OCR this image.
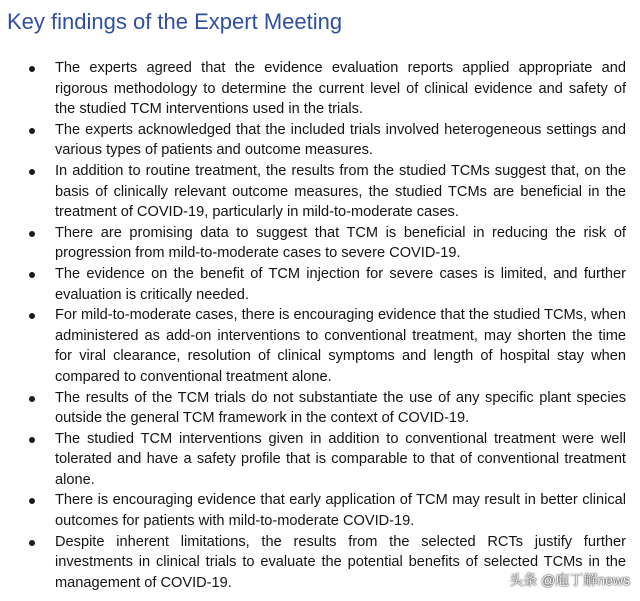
Key findings of the Expert Meeting
The experts agreed that the evidence evaluation reports applied appropriate and rigorous methodology to determine the current level of clinical evidence and safety of the studied TCM interventions used in the trials.
The experts acknowledged that the included trials involved heterogeneous settings and various types of patients and outcome measures.
In addition to routine treatment, the results from the studied TCMs suggest that, on the basis of clinically relevant outcome measures, the studied TCMs are beneficial in the treatment of COVID-19, particularly in mild-to-moderate cases.
There are promising data to suggest that TCM is beneficial in reducing the risk of progression from mild-to-moderate cases to severe COVID-19.
The evidence on the benefit of TCM injection for severe cases is limited, and further evaluation is critically needed.
For mild-to-moderate cases, there is encouraging evidence that the studied TCMs, when administered as add-on interventions to conventional treatment, may shorten the time for viral clearance, resolution of clinical symptoms and length of hospital stay when compared to conventional treatment alone.
The results of the TCM trials do not substantiate the use of any specific plant species outside the general TCM framework in the context of COVID-19.
The studied TCM interventions given in addition to conventional treatment were well tolerated and have a safety profile that is comparable to that of conventional treatment alone.
There is encouraging evidence that early application of TCM may result in better clinical outcomes for patients with mild-to-moderate COVID-19.
Despite inherent limitations, the results from the selected RCTs justify further investments in clinical trials to evaluate the potential benefits of selected TCMs in the management of COVID-19.	头条 @庖丁解news
